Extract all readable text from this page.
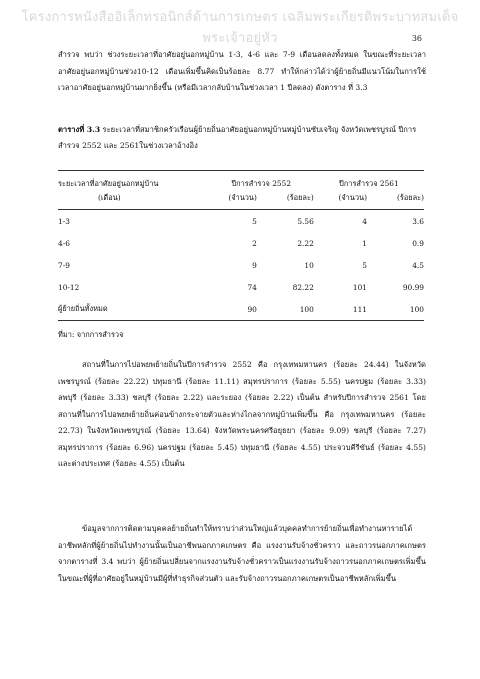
โครงการหนังสืออิเล็กทรอนิกส์ด้านการเกษตร เฉลิมพระเกียรติพระบาทสมเด็จพระเจ้าอยู่หัว	36

สำรวจ พบว่า ช่วงระยะเวลาที่อาศัยอยู่นอกหมู่บ้าน 1-3, 4-6 และ 7-9 เดือนลดลงทั้งหมด ในขณะที่ระยะเวลาอาศัยอยู่นอกหมู่บ้านช่วง10-12 เดือนเพิ่มขึ้นคิดเป็นร้อยละ 8.77 ทำให้กล่าวได้ว่าผู้ย้ายถิ่นมีแนวโน้มในการใช้เวลาอาศัยอยู่นอกหมู่บ้านมากยิ่งขึ้น (หรือมีเวลากลับบ้านในช่วงเวลา 1 ปีลดลง) ดังตาราง ที่ 3.3

ตารางที่ 3.3 ระยะเวลาที่สมาชิกครัวเรือนผู้ย้ายถิ่นอาศัยอยู่นอกหมู่บ้านหมู่บ้านซับเจริญ จังหวัดเพชรบูรณ์ ปีการสำรวจ 2552 และ 2561ในช่วงเวลาอ้างอิง

ระยะเวลาที่อาศัยอยู่นอกหมู่บ้าน	ปีการสำรวจ 2552		ปีการสำรวจ 2561	
(เดือน)	(จำนวน)	(ร้อยละ)	(จำนวน)	(ร้อยละ)
1-3	5	5.56	4	3.6
4-6	2	2.22	1	0.9
7-9	9	10	5	4.5
10-12	74	82.22	101	90.99
ผู้ย้ายถิ่นทั้งหมด	90	100	111	100
ที่มา: จากการสำรวจ

สถานที่ในการไปอพยพย้ายถิ่นในปีการสำรวจ 2552 คือ กรุงเทพมหานคร (ร้อยละ 24.44) ในจังหวัดเพชรบูรณ์ (ร้อยละ 22.22) ปทุมธานี (ร้อยละ 11.11) สมุทรปราการ (ร้อยละ 5.55) นครปฐม (ร้อยละ 3.33) ลพบุรี (ร้อยละ 3.33) ชลบุรี (ร้อยละ 2.22) และระยอง (ร้อยละ 2.22) เป็นต้น สำหรับปีการสำรวจ 2561 โดยสถานที่ในการไปอพยพย้ายถิ่นค่อนข้างกระจายตัวและห่างไกลจากหมู่บ้านเพิ่มขึ้น คือ กรุงเทพมหานคร (ร้อยละ 22.73) ในจังหวัดเพชรบูรณ์ (ร้อยละ 13.64) จังหวัดพระนครศรีอยุธยา (ร้อยละ 9.09) ชลบุรี (ร้อยละ 7.27) สมุทรปราการ (ร้อยละ 6.96) นครปฐม (ร้อยละ 5.45) ปทุมธานี (ร้อยละ 4.55) ประจวบคีรีขันธ์ (ร้อยละ 4.55) และต่างประเทศ (ร้อยละ 4.55) เป็นต้น

ข้อมูลจากการติดตามบุคคลย้ายถิ่นทำให้ทราบว่าส่วนใหญ่แล้วบุคคลทำการย้ายถิ่นเพื่อทำงานหารายได้ อาชีพหลักที่ผู้ย้ายถิ่นไปทำงานนั้นเป็นอาชีพนอกภาคเกษตร คือ แรงงานรับจ้างชั่วคราว และถาวรนอกภาคเกษตร จากตารางที่ 3.4 พบว่า ผู้ย้ายถิ่นเปลี่ยนจากแรงงานรับจ้างชั่วคราวเป็นแรงงานรับจ้างถาวรนอกภาคเกษตรเพิ่มขึ้น ในขณะที่ผู้ที่อาศัยอยู่ในหมู่บ้านมีผู้ที่ทำธุรกิจส่วนตัว และรับจ้างถาวรนอกภาคเกษตรเป็นอาชีพหลักเพิ่มขึ้น
